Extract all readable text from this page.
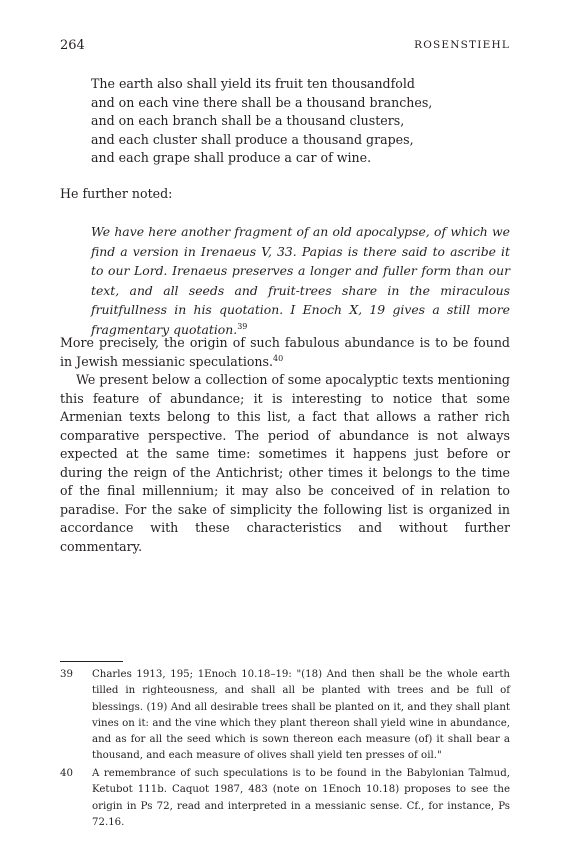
264	ROSENSTIEHL
The earth also shall yield its fruit ten thousandfold
and on each vine there shall be a thousand branches,
and on each branch shall be a thousand clusters,
and each cluster shall produce a thousand grapes,
and each grape shall produce a car of wine.

He further noted:

We have here another fragment of an old apocalypse, of which we find a version in Irenaeus V, 33. Papias is there said to ascribe it to our Lord. Irenaeus preserves a longer and fuller form than our text, and all seeds and fruit-trees share in the miraculous fruitfullness in his quotation. I Enoch X, 19 gives a still more fragmentary quotation.$^{39}$

More precisely, the origin of such fabulous abundance is to be found in Jewish messianic speculations.$^{40}$

We present below a collection of some apocalyptic texts mentioning this feature of abundance; it is interesting to notice that some Armenian texts belong to this list, a fact that allows a rather rich comparative perspective. The period of abundance is not always expected at the same time: sometimes it happens just before or during the reign of the Antichrist; other times it belongs to the time of the final millennium; it may also be conceived of in relation to paradise. For the sake of simplicity the following list is organized in accordance with these characteristics and without further commentary.

39 Charles 1913, 195; 1Enoch 10.18–19: "(18) And then shall be the whole earth tilled in righteousness, and shall all be planted with trees and be full of blessings. (19) And all desirable trees shall be planted on it, and they shall plant vines on it: and the vine which they plant thereon shall yield wine in abundance, and as for all the seed which is sown thereon each measure (of) it shall bear a thousand, and each measure of olives shall yield ten presses of oil."
40 A remembrance of such speculations is to be found in the Babylonian Talmud, Ketubot 111b. Caquot 1987, 483 (note on 1Enoch 10.18) proposes to see the origin in Ps 72, read and interpreted in a messianic sense. Cf., for instance, Ps 72.16.
